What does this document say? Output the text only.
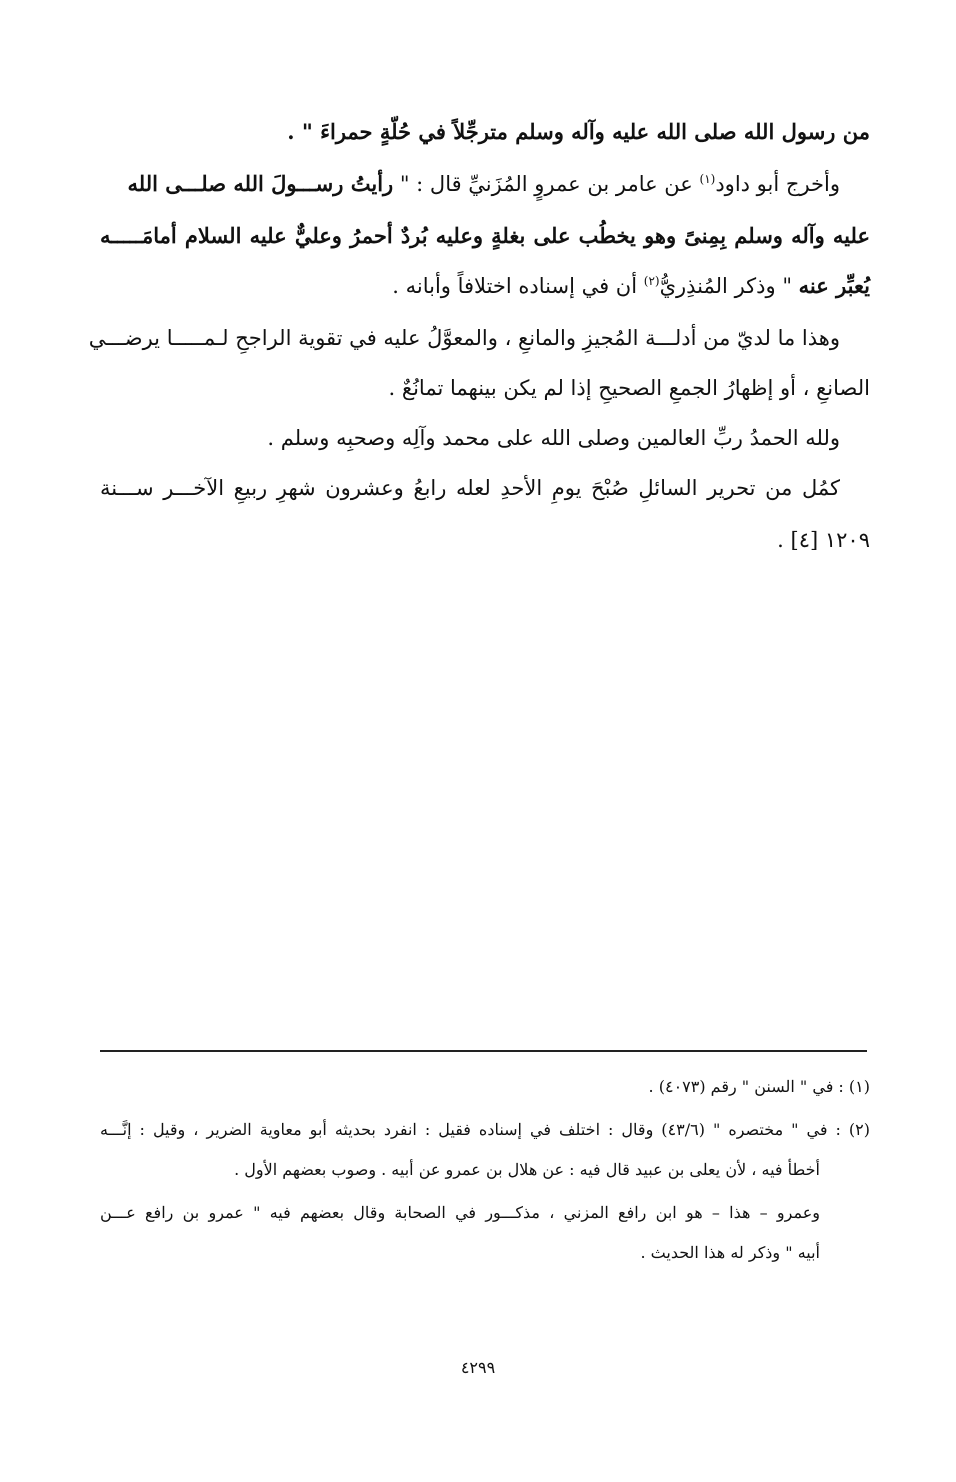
من رسول الله صلى الله عليه وآله وسلم مترجِّلاً في حُلّةٍ حمراءَ " .
وأخرج أبو داود$^{(١)}$ عن عامر بن عمروٍ المُزَنيِّ قال : " رأيتُ رســـولَ الله صلـــى الله
عليه وآله وسلم بِمِنىً وهو يخطُب على بغلةٍ وعليه بُردٌ أحمرُ وعليٌّ عليه السلام أمامَـــــه
يُعبِّر عنه " وذكر المُنذِريُّ$^{(٢)}$ أن في إسناده اختلافاً وأبانه .
وهذا ما لديّ من أدلـــة المُجيزِ والمانعِ ، والمعوَّلُ عليه في تقوية الراجحِ لـمـــــا يرضـــي
الصانعِ ، أو إظهارُ الجمعِ الصحيحِ إذا لم يكن بينهما تمانُعٌ .
ولله الحمدُ ربِّ العالمين وصلى الله على محمد وآلِه وصحبِه وسلم .
كمُل من تحرير السائلِ صُبْحَ يومِ الأحدِ لعله رابعُ وعشرون شهرِ ربيعِ الآخـــر ســـنة
١٢٠٩ [٤] .
(١) : في " السنن " رقم (٤٠٧٣) .
(٢) : في " مختصره " (٤٣/٦) وقال : اختلف في إسناده فقيل : انفرد بحديثه أبو معاوية الضرير ، وقيل : إنَّـــه
أخطأ فيه ، لأن يعلى بن عبيد قال فيه : عن هلال بن عمرو عن أبيه . وصوب بعضهم الأول .
وعمرو – هذا – هو ابن رافع المزني ، مذكـــور في الصحابة وقال بعضهم فيه " عمرو بن رافع عـــن
أبيه " وذكر له هذا الحديث .
٤٢٩٩
